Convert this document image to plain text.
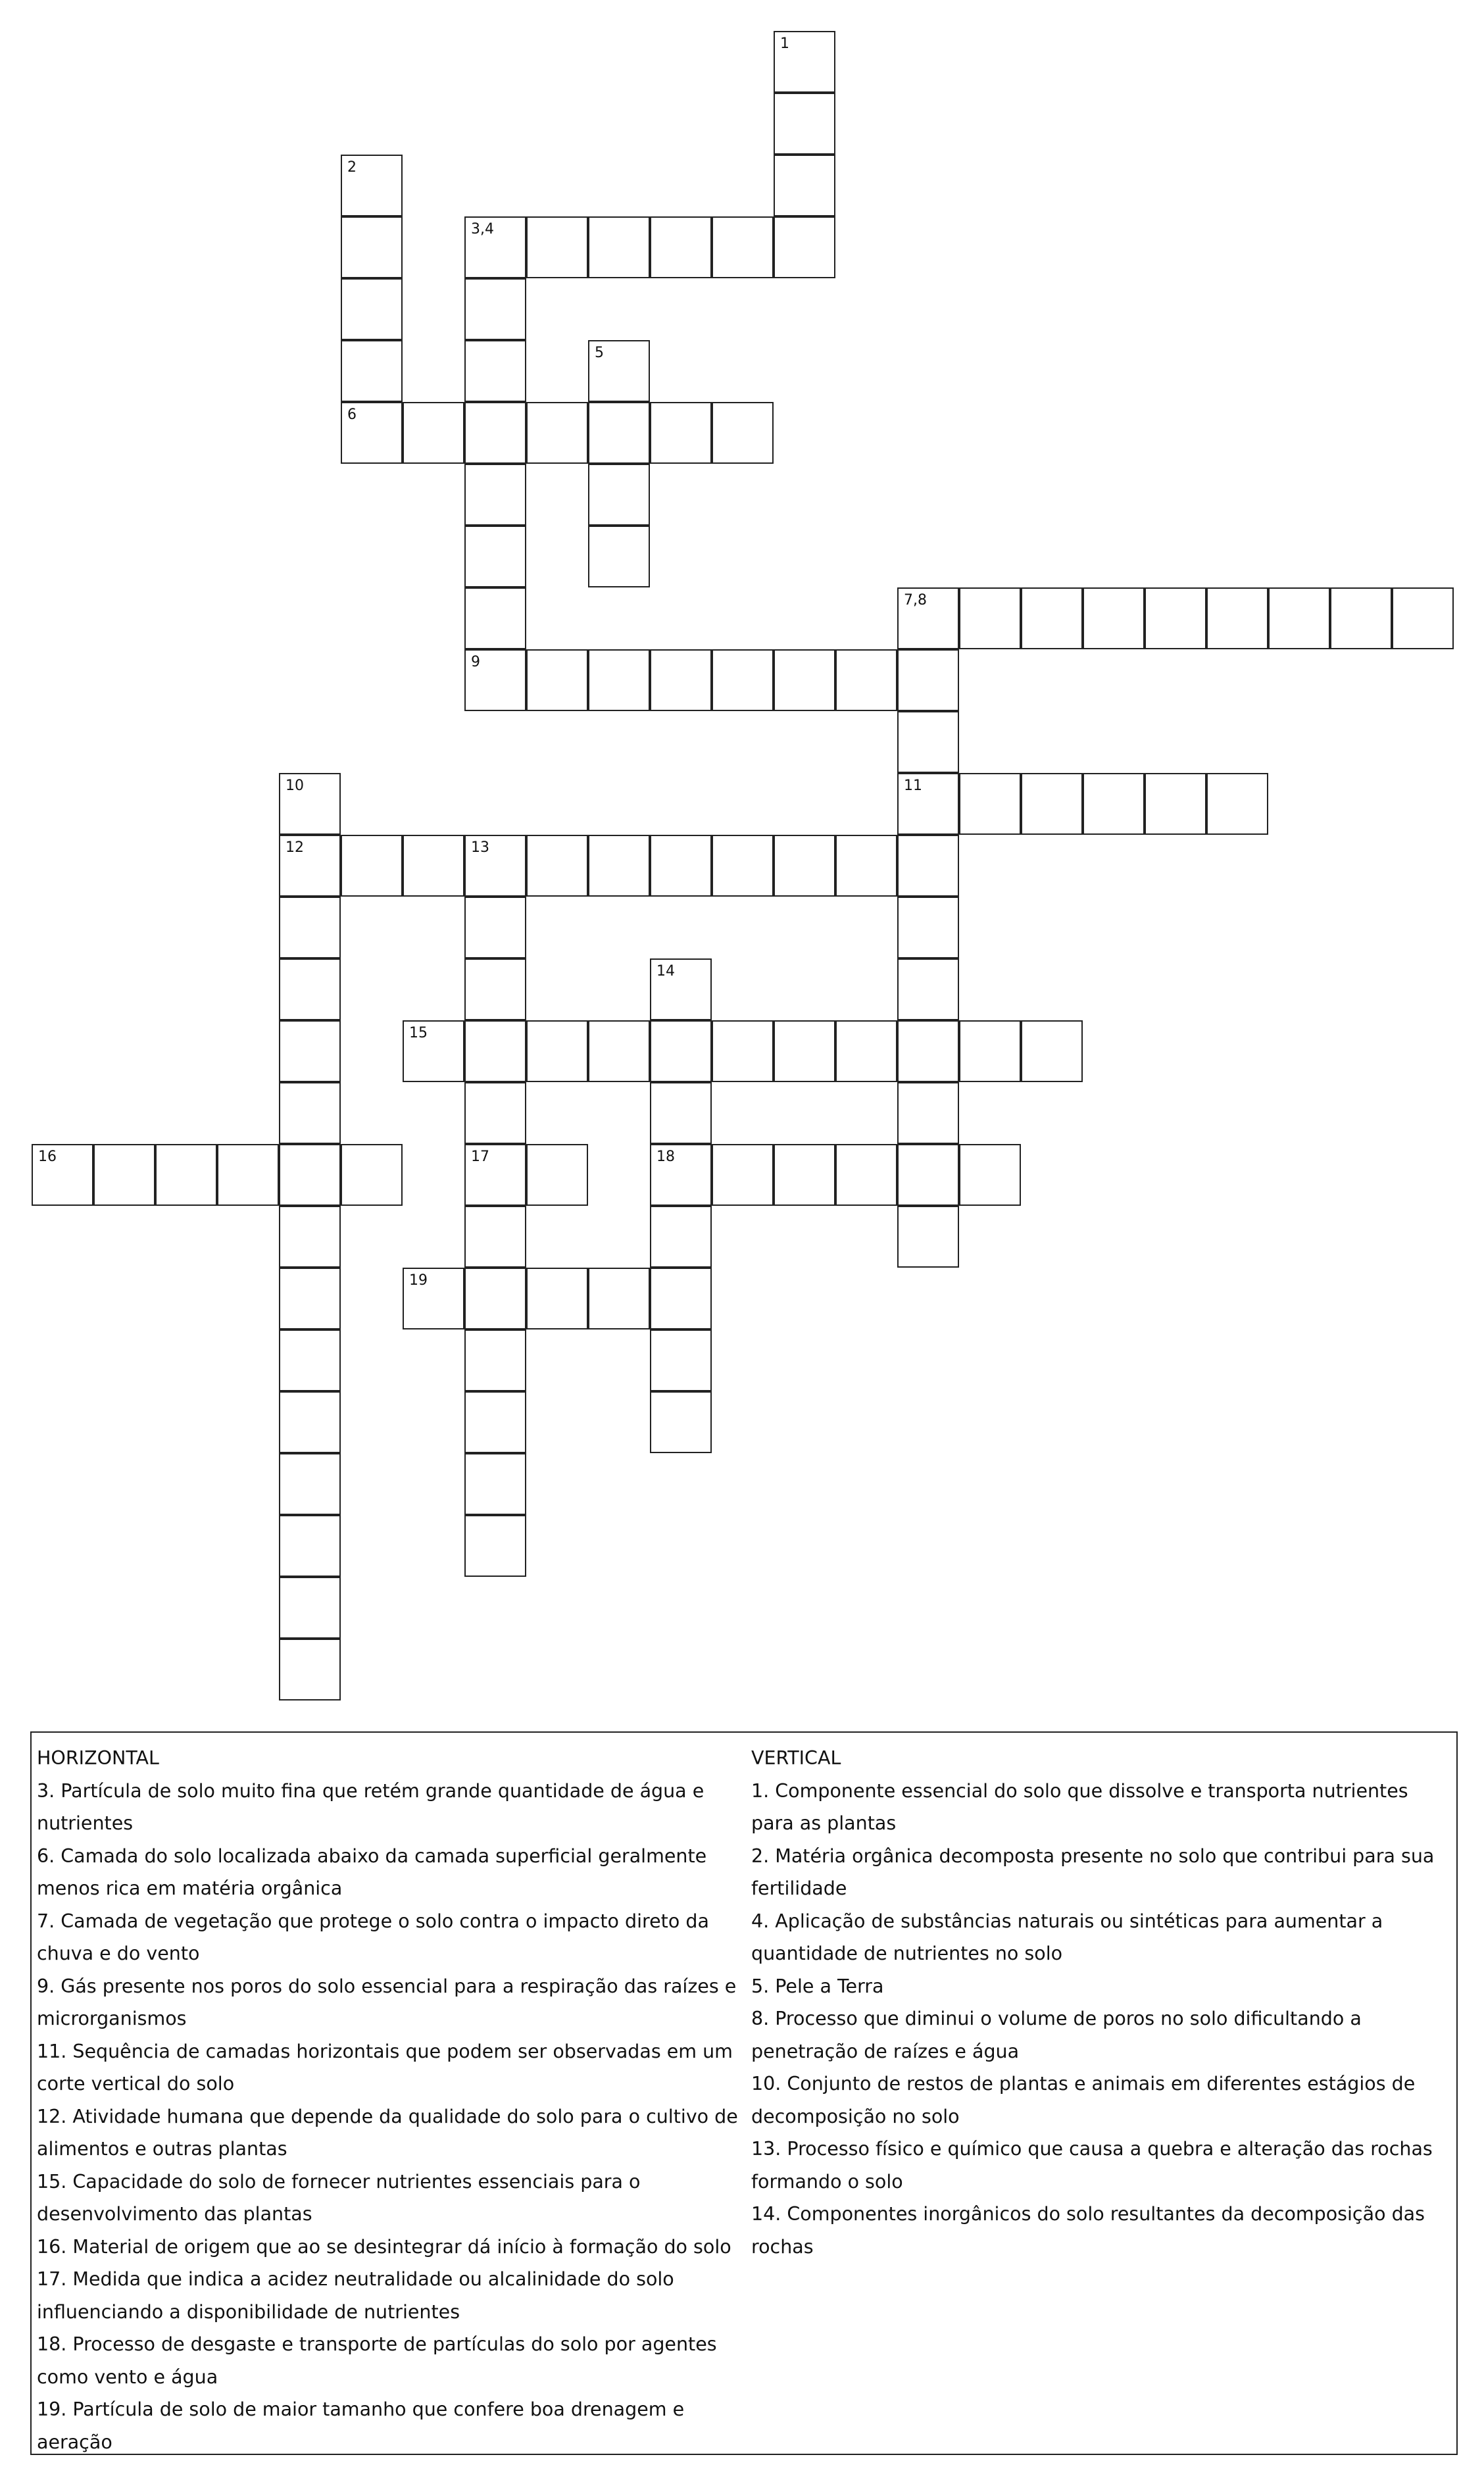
1
2
3,4
5
6
7,8
9
11
10
12	13
14
15
16	17	18
19

HORIZONTAL

3. Partícula de solo muito fina que retém grande quantidade de água e nutrientes

6. Camada do solo localizada abaixo da camada superficial geralmente menos rica em matéria orgânica

7. Camada de vegetação que protege o solo contra o impacto direto da chuva e do vento

9. Gás presente nos poros do solo essencial para a respiração das raízes e microrganismos

11. Sequência de camadas horizontais que podem ser observadas em um corte vertical do solo

12. Atividade humana que depende da qualidade do solo para o cultivo de alimentos e outras plantas

15. Capacidade do solo de fornecer nutrientes essenciais para o desenvolvimento das plantas

16. Material de origem que ao se desintegrar dá início à formação do solo

17. Medida que indica a acidez neutralidade ou alcalinidade do solo influenciando a disponibilidade de nutrientes

18. Processo de desgaste e transporte de partículas do solo por agentes como vento e água

19. Partícula de solo de maior tamanho que confere boa drenagem e aeração

VERTICAL

1. Componente essencial do solo que dissolve e transporta nutrientes para as plantas

2. Matéria orgânica decomposta presente no solo que contribui para sua fertilidade

4. Aplicação de substâncias naturais ou sintéticas para aumentar a quantidade de nutrientes no solo

5. Pele a Terra

8. Processo que diminui o volume de poros no solo dificultando a penetração de raízes e água

10. Conjunto de restos de plantas e animais em diferentes estágios de decomposição no solo

13. Processo físico e químico que causa a quebra e alteração das rochas formando o solo

14. Componentes inorgânicos do solo resultantes da decomposição das rochas
